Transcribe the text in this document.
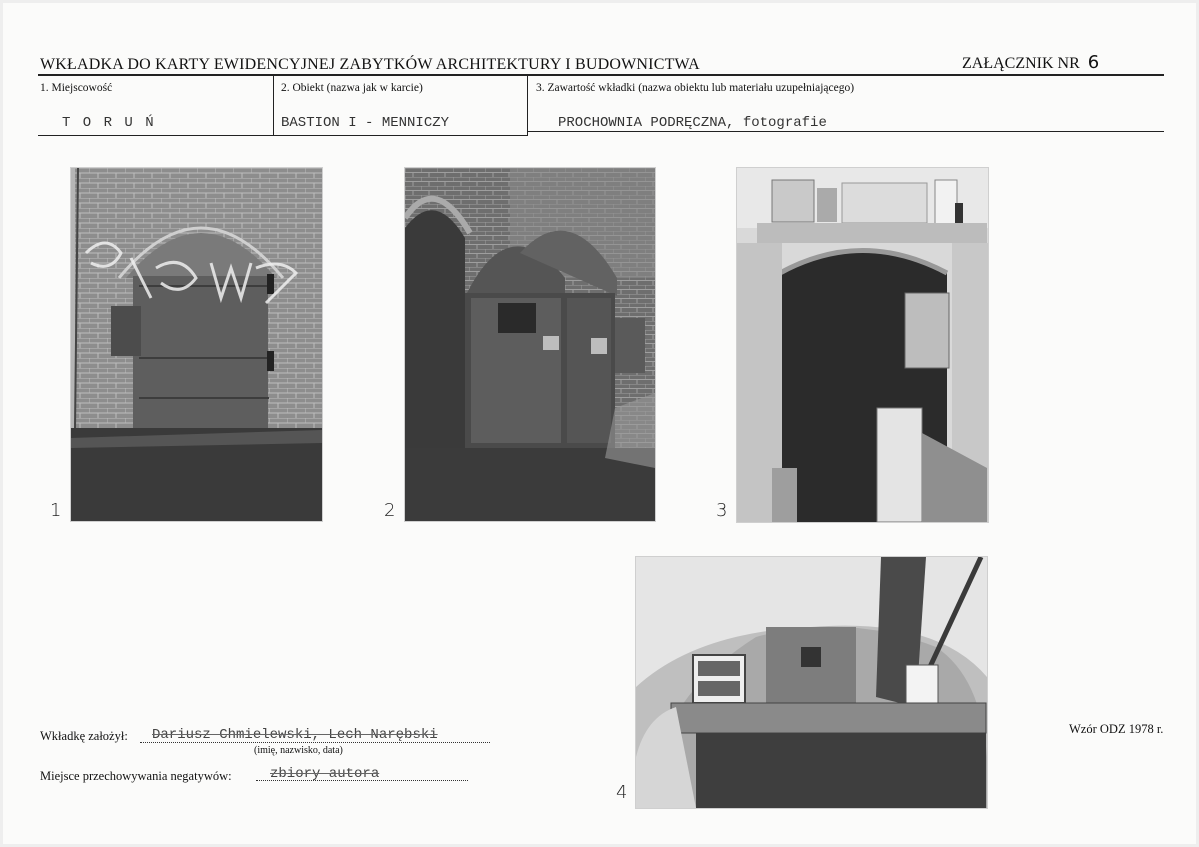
WKŁADKA DO KARTY EWIDENCYJNEJ ZABYTKÓW ARCHITEKTURY I BUDOWNICTWA	ZAŁĄCZNIK NR 6
1. Miejscowość	2. Obiekt (nazwa jak w karcie)	3. Zawartość wkładki (nazwa obiektu lub materiału uzupełniającego)
T O R U Ń	BASTION I - MENNICZY	PROCHOWNIA PODRĘCZNA, fotografie
1	2	3
4
Wkładkę założył: Dariusz Chmielewski, Lech Narębski
(imię, nazwisko, data)
Miejsce przechowywania negatywów:	zbiory autora
Wzór ODZ 1978 r.
